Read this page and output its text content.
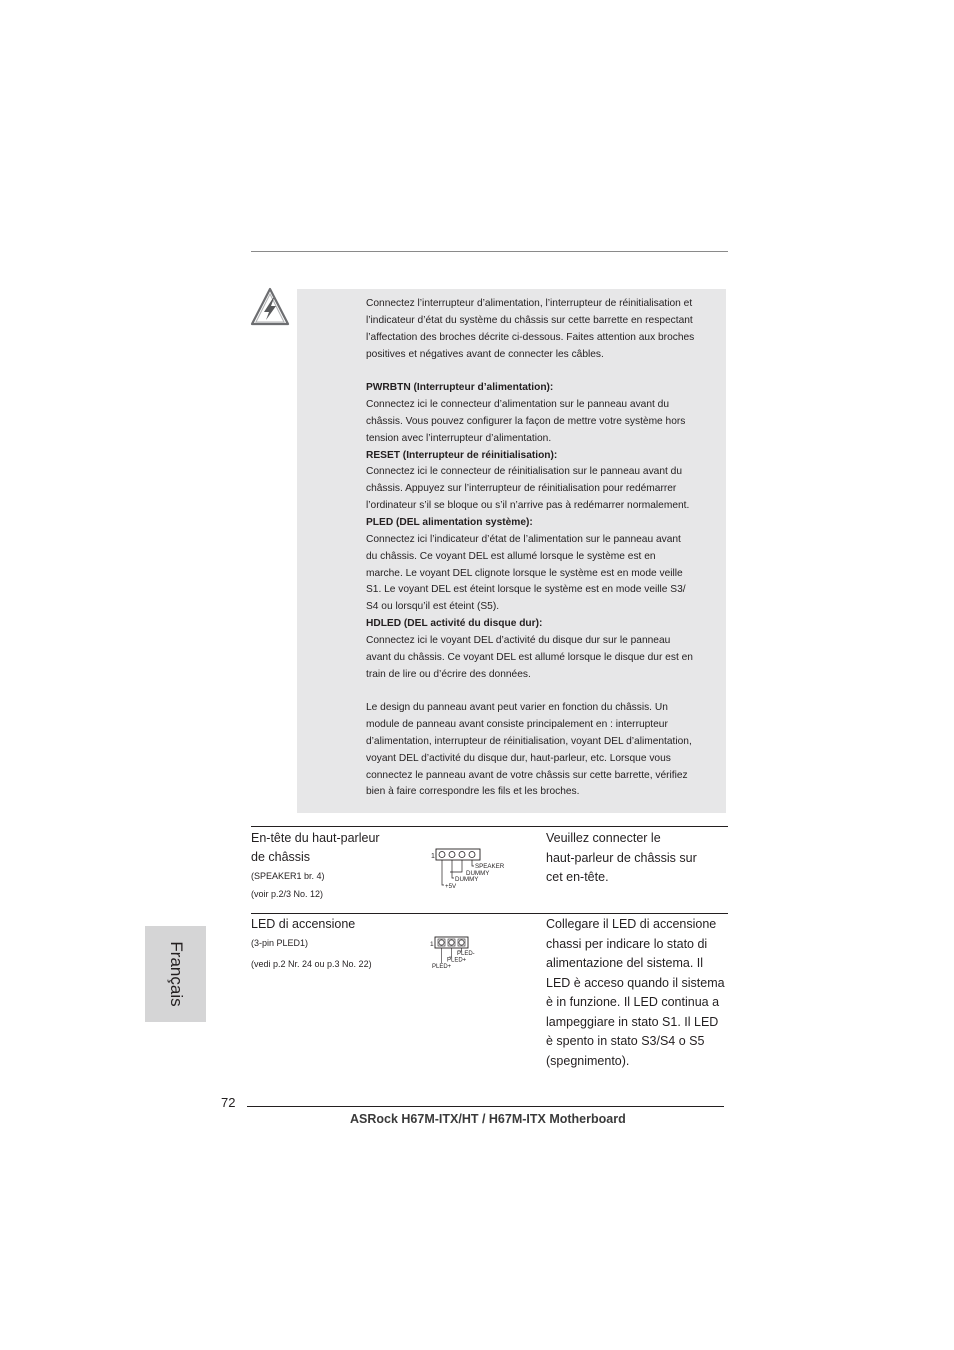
Connectez l’interrupteur d’alimentation, l’interrupteur de réinitialisation et

l’indicateur d’état du système du châssis sur cette barrette en respectant

l’affectation des broches décrite ci-dessous. Faites attention aux broches

positives et négatives avant de connecter les câbles.

PWRBTN (Interrupteur d’alimentation):

Connectez ici le connecteur d’alimentation sur le panneau avant du

châssis. Vous pouvez configurer la façon de mettre votre système hors

tension avec l’interrupteur d’alimentation.

RESET (Interrupteur de réinitialisation):

Connectez ici le connecteur de réinitialisation sur le panneau avant du

châssis. Appuyez sur l’interrupteur de réinitialisation pour redémarrer

l’ordinateur s’il se bloque ou s’il n’arrive pas à redémarrer normalement.

PLED (DEL alimentation système):

Connectez ici l’indicateur d’état de l’alimentation sur le panneau avant

du châssis. Ce voyant DEL est allumé lorsque le système est en

marche. Le voyant DEL clignote lorsque le système est en mode veille

S1. Le voyant DEL est éteint lorsque le système est en mode veille S3/

S4 ou lorsqu’il est éteint (S5).

HDLED (DEL activité du disque dur):

Connectez ici le voyant DEL d’activité du disque dur sur le panneau

avant du châssis. Ce voyant DEL est allumé lorsque le disque dur est en

train de lire ou d’écrire des données.

Le design du panneau avant peut varier en fonction du châssis. Un

module de panneau avant consiste principalement en : interrupteur

d’alimentation, interrupteur de réinitialisation, voyant DEL d’alimentation,

voyant DEL d’activité du disque dur, haut-parleur, etc. Lorsque vous

connectez le panneau avant de votre châssis sur cette barrette, vérifiez

bien à faire correspondre les fils et les broches.

En-tête du haut-parleur
de châssis
(SPEAKER1 br. 4)
(voir p.2/3 No. 12)
1
SPEAKER
DUMMY
DUMMY
+5V
Veuillez connecter le
haut-parleur de châssis sur
cet en-tête.
LED di accensione
(3-pin PLED1)
(vedi p.2 Nr. 24 ou p.3 No. 22)
1
PLED-
PLED+
PLED+
Collegare il LED di accensione
chassi per indicare lo stato di
alimentazione del sistema. Il
LED è acceso quando il sistema
è in funzione. Il LED continua a
lampeggiare in stato S1. Il LED
è spento in stato S3/S4 o S5
(spegnimento).
Français
72
ASRock H67M-ITX/HT / H67M-ITX Motherboard
